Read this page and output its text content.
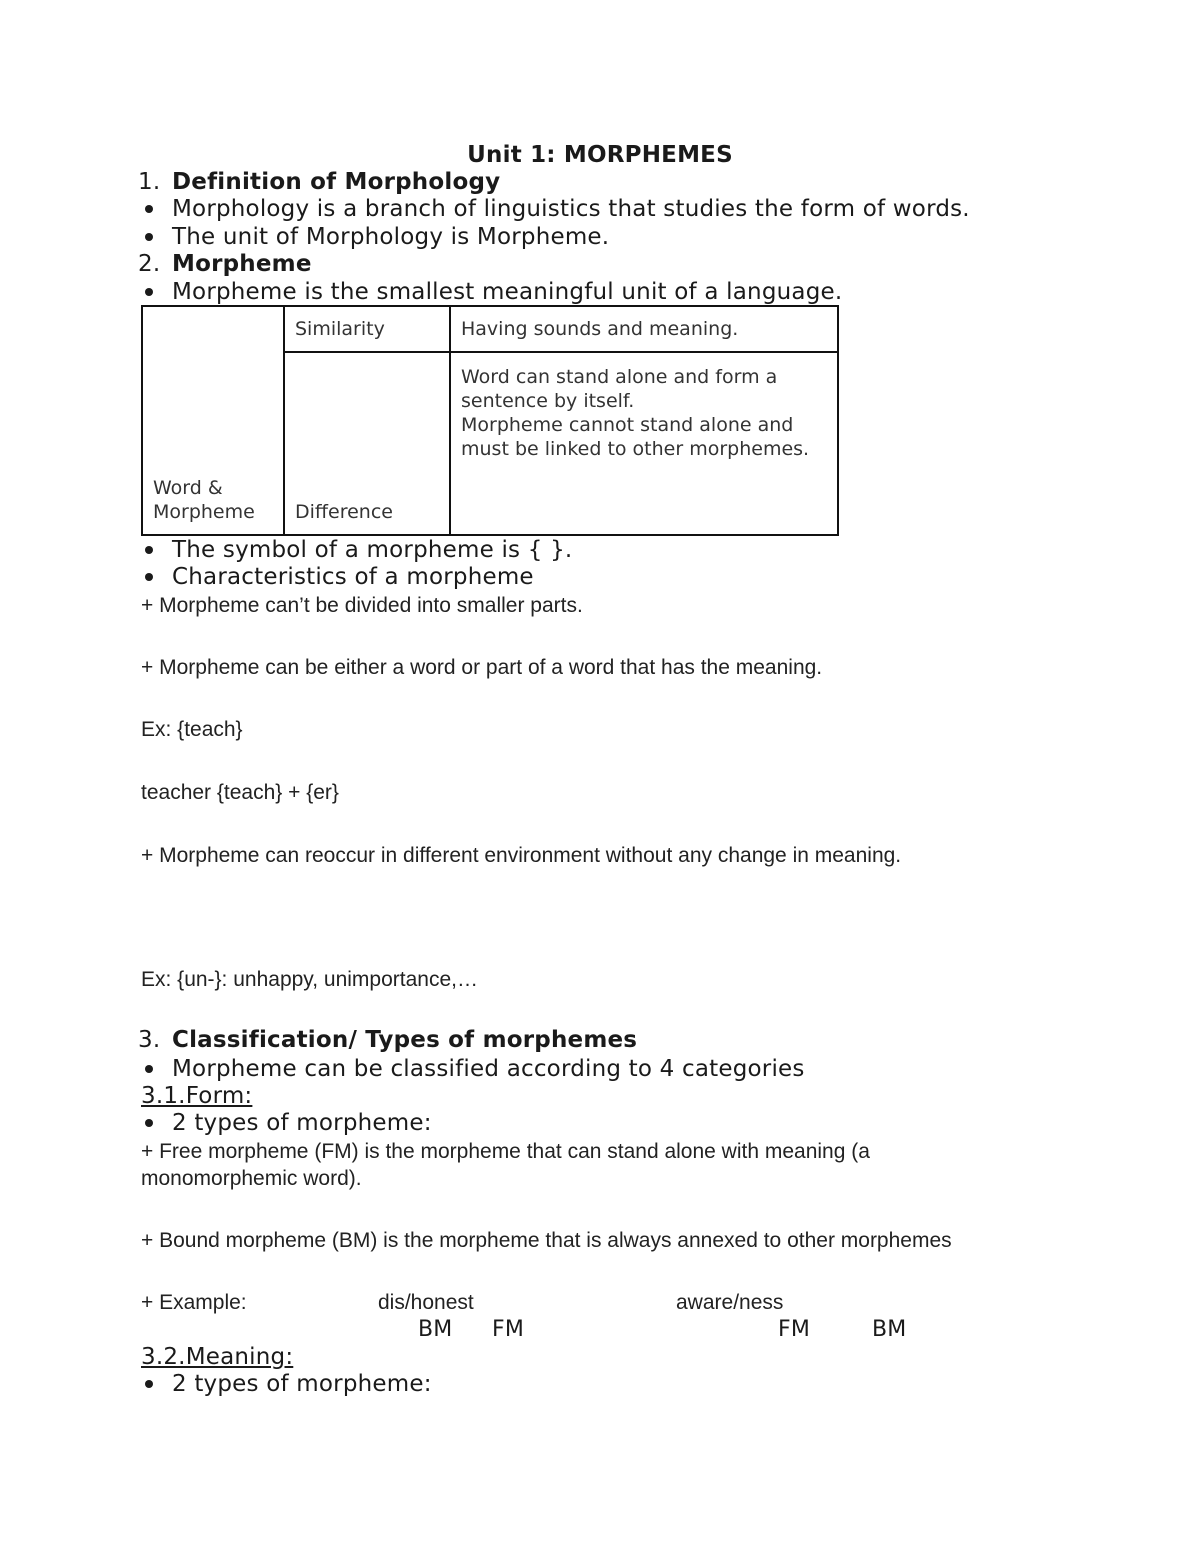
Unit 1: MORPHEMES
1. Definition of Morphology
Morphology is a branch of linguistics that studies the form of words.
The unit of Morphology is Morpheme.
2. Morpheme
Morpheme is the smallest meaningful unit of a language.
Word & Morpheme	Similarity	Having sounds and meaning.
	Difference	Word can stand alone and form a sentence by itself.
Morpheme cannot stand alone and must be linked to other morphemes.
The symbol of a morpheme is { }.
Characteristics of a morpheme
+ Morpheme can’t be divided into smaller parts.
+ Morpheme can be either a word or part of a word that has the meaning.
Ex: {teach}
teacher {teach} + {er}
+ Morpheme can reoccur in different environment without any change in meaning.
Ex: {un-}: unhappy, unimportance,…
3. Classification/ Types of morphemes
Morpheme can be classified according to 4 categories
3.1.Form:
2 types of morpheme:
+ Free morpheme (FM) is the morpheme that can stand alone with meaning (a
monomorphemic word).
+ Bound morpheme (BM) is the morpheme that is always annexed to other morphemes
+ Example:	dis/honest	aware/ness
BM FM	FM	BM
3.2.Meaning:
2 types of morpheme:
